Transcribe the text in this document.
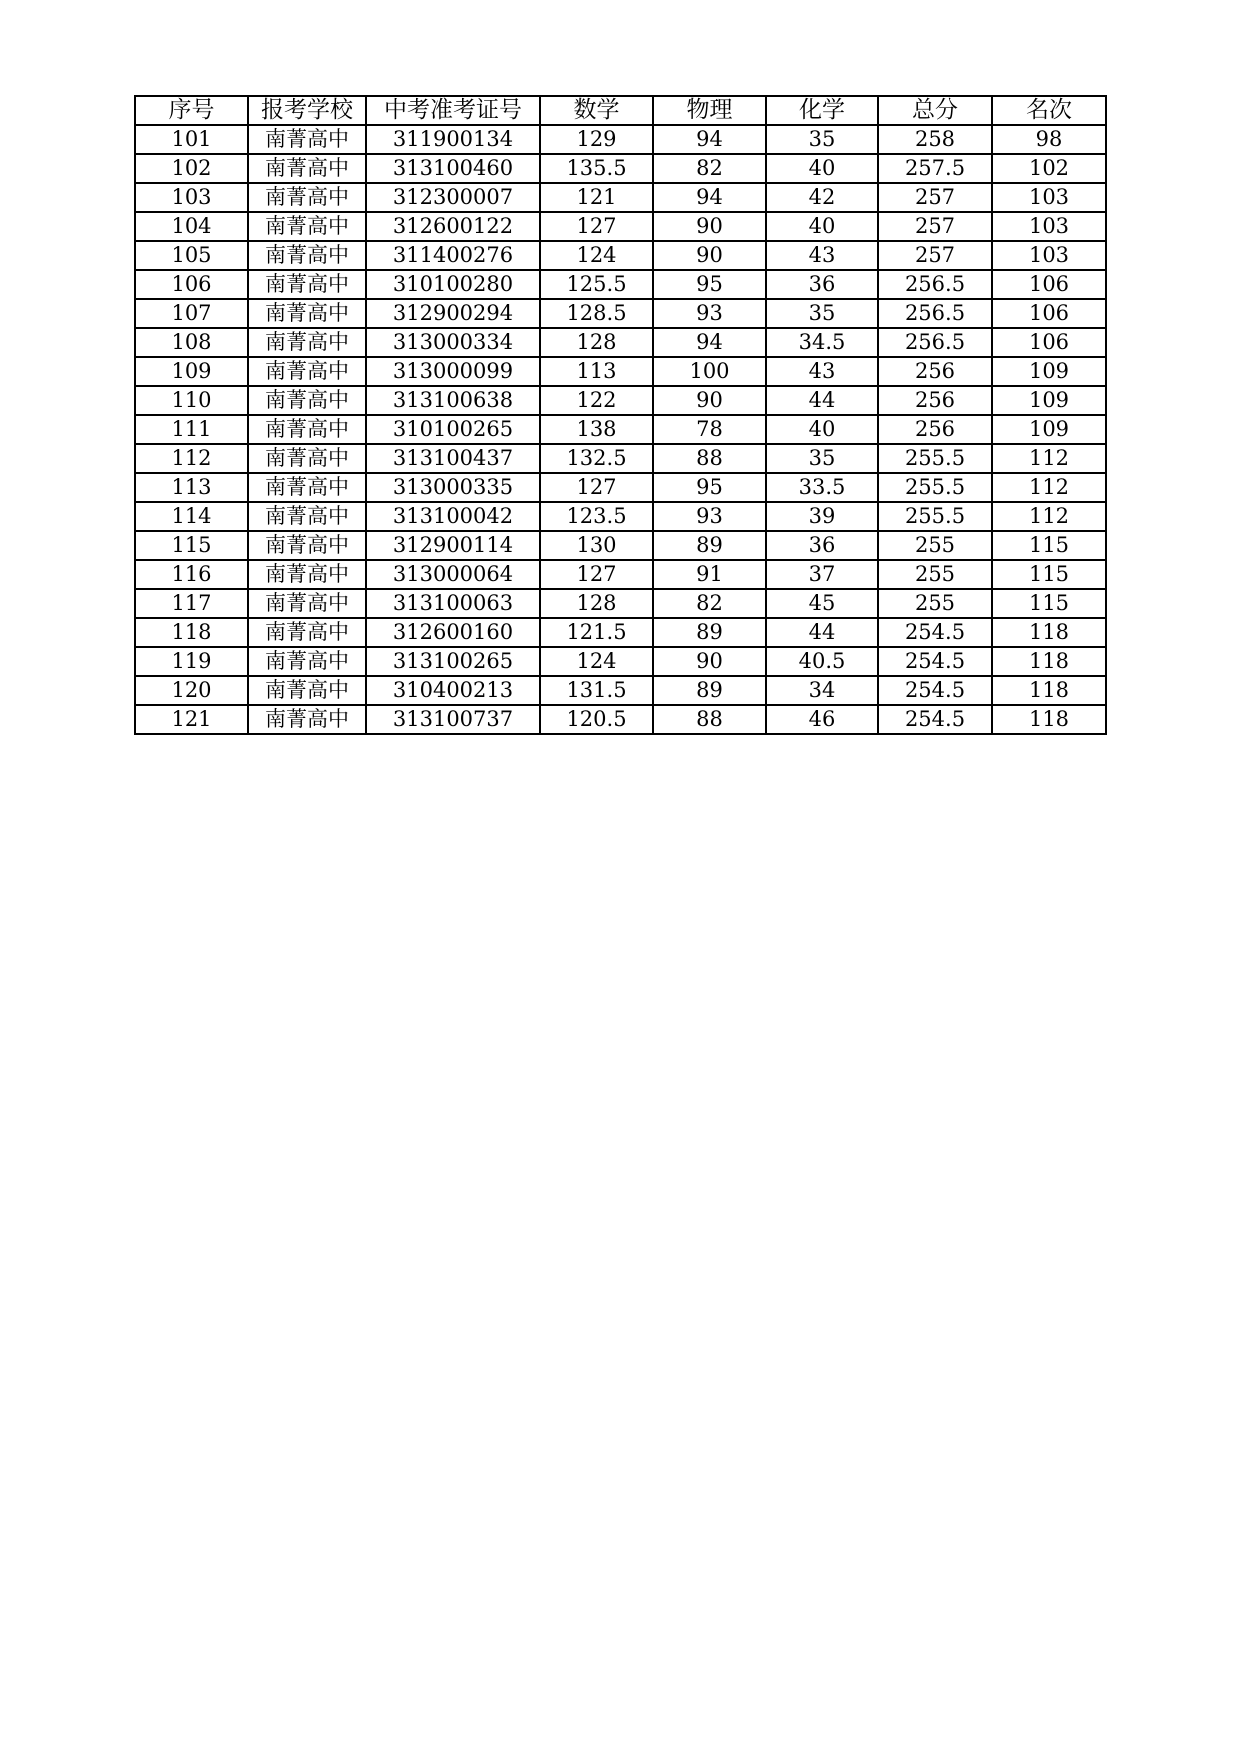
序号	报考学校	中考准考证号	数学	物理	化学	总分	名次
101	南菁高中	311900134	129	94	35	258	98
102	南菁高中	313100460	135.5	82	40	257.5	102
103	南菁高中	312300007	121	94	42	257	103
104	南菁高中	312600122	127	90	40	257	103
105	南菁高中	311400276	124	90	43	257	103
106	南菁高中	310100280	125.5	95	36	256.5	106
107	南菁高中	312900294	128.5	93	35	256.5	106
108	南菁高中	313000334	128	94	34.5	256.5	106
109	南菁高中	313000099	113	100	43	256	109
110	南菁高中	313100638	122	90	44	256	109
111	南菁高中	310100265	138	78	40	256	109
112	南菁高中	313100437	132.5	88	35	255.5	112
113	南菁高中	313000335	127	95	33.5	255.5	112
114	南菁高中	313100042	123.5	93	39	255.5	112
115	南菁高中	312900114	130	89	36	255	115
116	南菁高中	313000064	127	91	37	255	115
117	南菁高中	313100063	128	82	45	255	115
118	南菁高中	312600160	121.5	89	44	254.5	118
119	南菁高中	313100265	124	90	40.5	254.5	118
120	南菁高中	310400213	131.5	89	34	254.5	118
121	南菁高中	313100737	120.5	88	46	254.5	118
